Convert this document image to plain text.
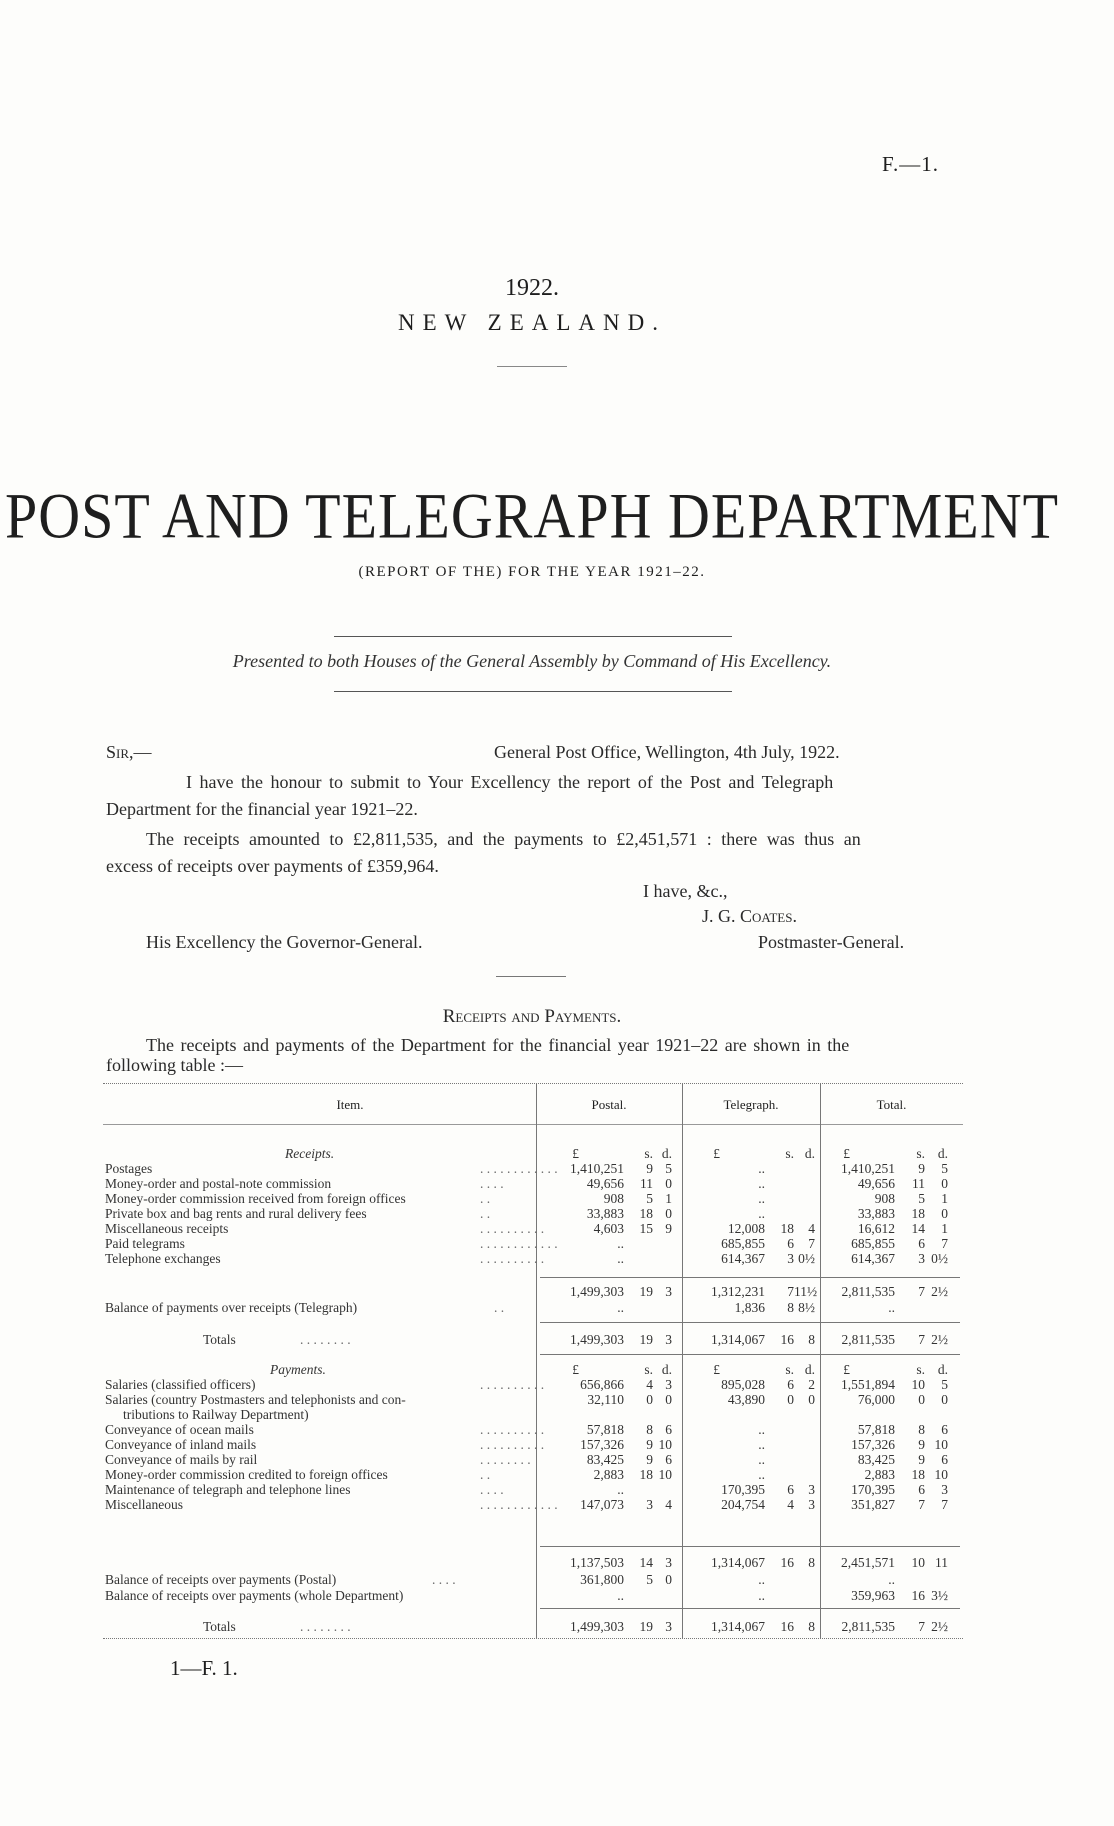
F.—1.
1922.
NEW ZEALAND.
POST AND TELEGRAPH DEPARTMENT
(REPORT OF THE) FOR THE YEAR 1921–22.
Presented to both Houses of the General Assembly by Command of His Excellency.
Sir,—	General Post Office, Wellington, 4th July, 1922.
I have the honour to submit to Your Excellency the report of the Post and Telegraph
Department for the financial year 1921–22.
The receipts amounted to £2,811,535, and the payments to £2,451,571 : there was thus an
excess of receipts over payments of £359,964.
I have, &c.,
J. G. Coates.
Postmaster-General.
His Excellency the Governor-General.
Receipts and Payments.
The receipts and payments of the Department for the financial year 1921–22 are shown in the
following table :—
Item.	Postal.	Telegraph.	Total.
Receipts.	£	s. d.	£	s. d.	£	s. d.
Postages	. . . . . . . . . . . . 1,410,251	9 5	..	1,410,251	9	5
Money-order and postal-note commission	. . . .	49,656	11 0	..	49,656	11	0
Money-order commission received from foreign offices	. .	908	5 1	..	908	5	1
Private box and bag rents and rural delivery fees	. .	33,883	18 0	..	33,883	18	0
Miscellaneous receipts	. . . . . . . . . .	4,603	15 9	12,008	18	4	16,612	14	1
Paid telegrams	. . . . . . . . . . . .	..	685,855	6	7	685,855	6	7
Telephone exchanges	. . . . . . . . . .	..	614,367	3 0½	614,367	3 0½
1,499,303	19 3	1,312,231	7 11½	2,811,535	7 2½
Balance of payments over receipts (Telegraph)	. .	..	1,836	8 8½	..
Totals	. . . . . . . .	1,499,303	19 3	1,314,067	16	8	2,811,535	7 2½
Payments.	£	s. d.	£	s. d.	£	s. d.
Salaries (classified officers)	. . . . . . . . . .	656,866	4 3	895,028	6	2	1,551,894	10	5
Salaries (country Postmasters and telephonists and con-	32,110	0 0	43,890	0	0	76,000	0	0
tributions to Railway Department)
Conveyance of ocean mails	. . . . . . . . . .	57,818	8 6	..	57,818	8	6
Conveyance of inland mails	. . . . . . . . . .	157,326	9 10	..	157,326	9 10
Conveyance of mails by rail	. . . . . . . .	83,425	9 6	..	83,425	9	6
Money-order commission credited to foreign offices	. .	2,883	18 10	..	2,883	18 10
Maintenance of telegraph and telephone lines	. . . .	..	170,395	6	3	170,395	6	3
Miscellaneous	. . . . . . . . . . . .	147,073	3 4	204,754	4	3	351,827	7	7
1,137,503	14 3	1,314,067	16	8	2,451,571	10 11
Balance of receipts over payments (Postal)	. . . .	361,800	5 0	..	..
Balance of receipts over payments (whole Department)	..	..	359,963	16 3½
Totals	. . . . . . . .	1,499,303	19 3	1,314,067	16	8	2,811,535	7 2½
1—F. 1.
